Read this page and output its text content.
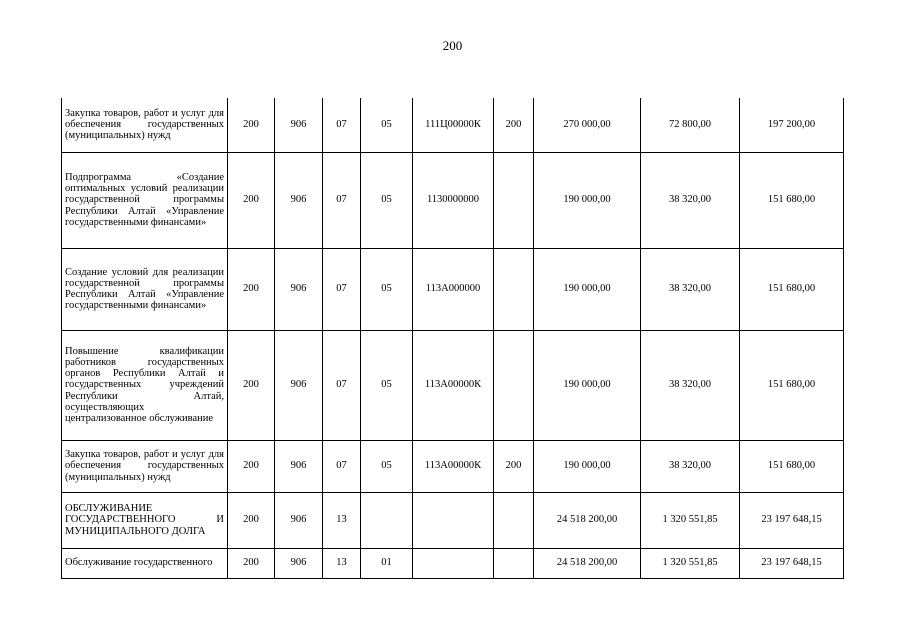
200
Закупка товаров, работ и услуг для обеспечения государственных (муниципальных) нужд	200	906	07	05	111Ц00000К	200	270 000,00	72 800,00	197 200,00
Подпрограмма «Создание оптимальных условий реализации государственной программы Республики Алтай «Управление государственными финансами»	200	906	07	05	1130000000		190 000,00	38 320,00	151 680,00
Создание условий для реализации государственной программы Республики Алтай «Управление государственными финансами»	200	906	07	05	113А000000		190 000,00	38 320,00	151 680,00
Повышение квалификации работников государственных органов Республики Алтай и государственных учреждений Республики Алтай, осуществляющих централизованное обслуживание	200	906	07	05	113А00000К		190 000,00	38 320,00	151 680,00
Закупка товаров, работ и услуг для обеспечения государственных (муниципальных) нужд	200	906	07	05	113А00000К	200	190 000,00	38 320,00	151 680,00
ОБСЛУЖИВАНИЕ ГОСУДАРСТВЕННОГО И МУНИЦИПАЛЬНОГО ДОЛГА	200	906	13				24 518 200,00	1 320 551,85	23 197 648,15
Обслуживание государственного	200	906	13	01			24 518 200,00	1 320 551,85	23 197 648,15
